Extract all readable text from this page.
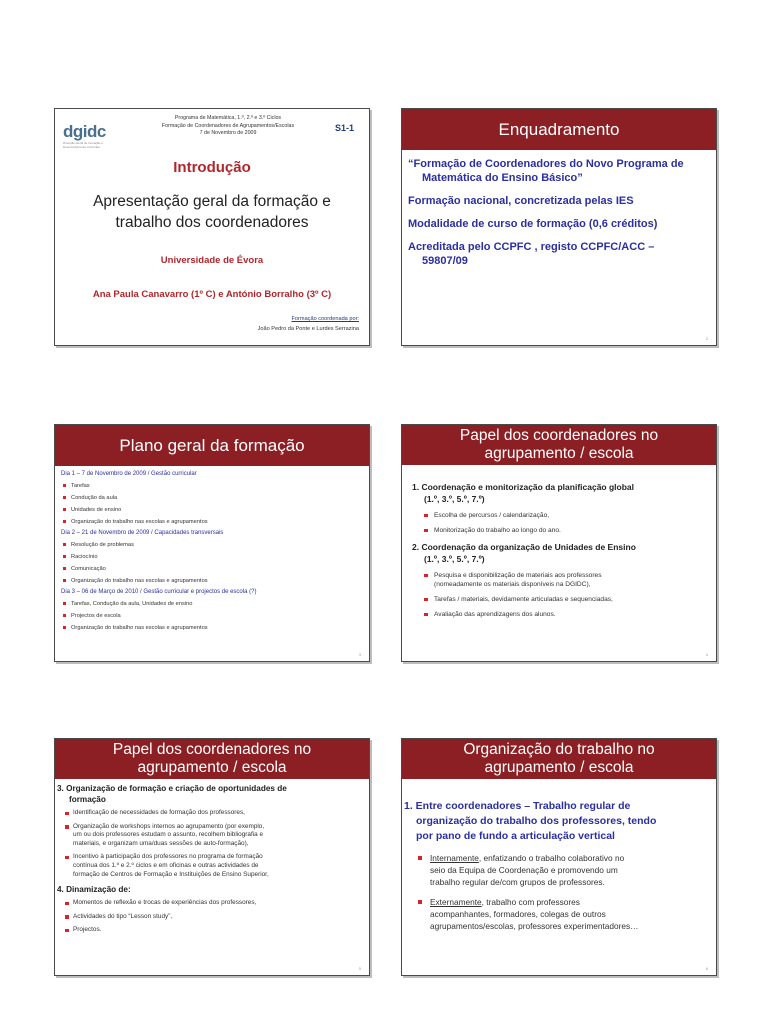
dgidc
Direcção-Geral de Inovação e Desenvolvimento Curricular
Programa de Matemática, 1.º, 2.º e 3.º Ciclos
Formação de Coordenadores de Agrupamentos/Escolas
7 de Novembro de 2009
S1-1
Introdução
Apresentação geral da formação e trabalho dos coordenadores
Universidade de Évora
Ana Paula Canavarro (1º C) e António Borralho (3º C)
Formação coordenada por:
João Pedro da Ponte e Lurdes Serrazina
Enquadramento
“Formação de Coordenadores do Novo Programa de
Matemática do Ensino Básico”
Formação nacional, concretizada pelas IES
Modalidade de curso de formação (0,6 créditos)
Acreditada pelo CCPFC , registo CCPFC/ACC –
59807/09
2
Plano geral da formação
Dia 1 – 7 de Novembro de 2009 / Gestão curricular
Tarefas
Condução da aula
Unidades de ensino
Organização do trabalho nas escolas e agrupamentos
Dia 2 – 21 de Novembro de 2009 / Capacidades transversais
Resolução de problemas
Raciocínio
Comunicação
Organização do trabalho nas escolas e agrupamentos
Dia 3 – 06 de Março de 2010 / Gestão curricular e projectos de escola (?)
Tarefas, Condução da aula, Unidades de ensino
Projectos de escola
Organização do trabalho nas escolas e agrupamentos
3
Papel dos coordenadores no
agrupamento / escola
1. Coordenação e monitorização da planificação global
(1.º, 3.º, 5.º, 7.º)
Escolha de percursos / calendarização,
Monitorização do trabalho ao longo do ano.
2. Coordenação da organização de Unidades de Ensino
(1.º, 3.º, 5.º, 7.º)
Pesquisa e disponibilização de materiais aos professores
(nomeadamente os materiais disponíveis na DGIDC),
Tarefas / materiais, devidamente articuladas e sequenciadas,
Avaliação das aprendizagens dos alunos.
4
Papel dos coordenadores no
agrupamento / escola
3. Organização de formação e criação de oportunidades de
formação
Identificação de necessidades de formação dos professores,
Organização de workshops internos ao agrupamento (por exemplo,
um ou dois professores estudam o assunto, recolhem bibliografia e
materiais, e organizam uma/duas sessões de auto-formação),
Incentivo à participação dos professores no programa de formação
contínua dos 1.º e 2.º ciclos e em oficinas e outras actividades de
formação de Centros de Formação e Instituições de Ensino Superior,
4. Dinamização de:
Momentos de reflexão e trocas de experiências dos professores,
Actividades do tipo “Lesson study”,
Projectos.
5
Organização do trabalho no
agrupamento / escola
1. Entre coordenadores – Trabalho regular de
organização do trabalho dos professores, tendo
por pano de fundo a articulação vertical
Internamente, enfatizando o trabalho colaborativo no
seio da Equipa de Coordenação e promovendo um
trabalho regular de/com grupos de professores.
Externamente, trabalho com professores
acompanhantes, formadores, colegas de outros
agrupamentos/escolas, professores experimentadores…
6
